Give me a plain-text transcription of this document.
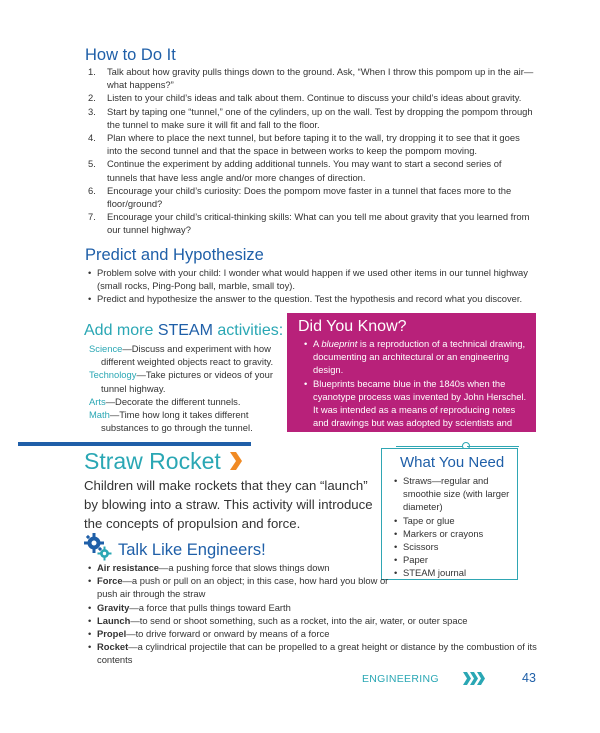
How to Do It
1. Talk about how gravity pulls things down to the ground. Ask, “When I throw this pompom up in the air—what happens?”
2. Listen to your child’s ideas and talk about them. Continue to discuss your child’s ideas about gravity.
3. Start by taping one “tunnel,” one of the cylinders, up on the wall. Test by dropping the pompom through the tunnel to make sure it will fit and fall to the floor.
4. Plan where to place the next tunnel, but before taping it to the wall, try dropping it to see that it goes into the second tunnel and that the space in between works to keep the pompom moving.
5. Continue the experiment by adding additional tunnels. You may want to start a second series of tunnels that have less angle and/or more changes of direction.
6. Encourage your child’s curiosity: Does the pompom move faster in a tunnel that faces more to the floor/ground?
7. Encourage your child’s critical-thinking skills: What can you tell me about gravity that you learned from our tunnel highway?
Predict and Hypothesize
• Problem solve with your child: I wonder what would happen if we used other items in our tunnel highway (small rocks, Ping-Pong ball, marble, small toy).
• Predict and hypothesize the answer to the question. Test the hypothesis and record what you discover.
Add more STEAM activities:
Science—Discuss and experiment with how different weighted objects react to gravity.
Technology—Take pictures or videos of your tunnel highway.
Arts—Decorate the different tunnels.
Math—Time how long it takes different substances to go through the tunnel.
Did You Know?
• A blueprint is a reproduction of a technical drawing, documenting an architectural or an engineering design.
• Blueprints became blue in the 1840s when the cyanotype process was invented by John Herschel. It was intended as a means of reproducing notes and drawings but was adopted by scientists and others interested in photography.
Straw Rocket
Children will make rockets that they can “launch” by blowing into a straw. This activity will introduce the concepts of propulsion and force.
What You Need
• Straws—regular and smoothie size (with larger diameter)
• Tape or glue
• Markers or crayons
• Scissors
• Paper
• STEAM journal
Talk Like Engineers!
• Air resistance—a pushing force that slows things down
• Force—a push or pull on an object; in this case, how hard you blow or push air through the straw
• Gravity—a force that pulls things toward Earth
• Launch—to send or shoot something, such as a rocket, into the air, water, or outer space
• Propel—to drive forward or onward by means of a force
• Rocket—a cylindrical projectile that can be propelled to a great height or distance by the combustion of its contents
ENGINEERING	43
